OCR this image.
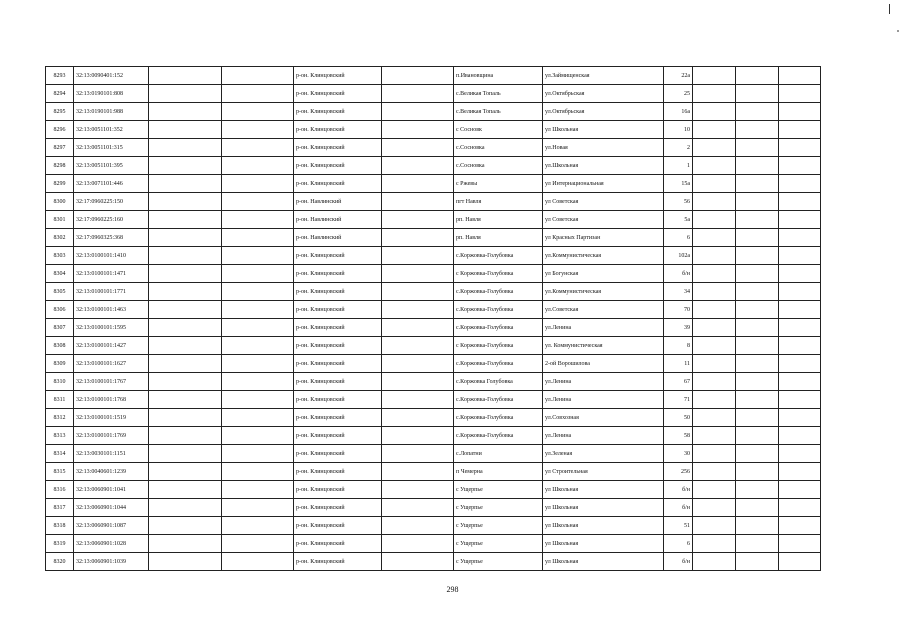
8293	32:13:0090401:152			р-он. Клинцовский		п.Ивановщина	ул.Займищенская	22а			
8294	32:13:0190101:808			р-он. Клинцовский		с.Великая Топаль	ул.Октябрьская	25			
8295	32:13:0190101:988			р-он. Клинцовский		с.Великая Топаль	ул.Октябрьская	16а			
8296	32:13:0051101:352			р-он. Клинцовский		с Сосновк	ул Школьная	10			
8297	32:13:0051101:315			р-он. Клинцовский		с.Сосновка	ул.Новая	2			
8298	32:13:0051101:395			р-он. Клинцовский		с.Сосновка	ул.Школьная	1			
8299	32:13:0071101:446			р-он. Клинцовский		с Ржевы	ул Интернациональная	15а			
8300	32:17:0960225:150			р-он. Навлинский		пгт Навля	ул Советская	56			
8301	32:17:0960225:160			р-он. Навлинский		рп. Навля	ул Советская	5а			
8302	32:17:0960325:368			р-он. Навлинский		рп. Навля	ул Красных Партизан	6			
8303	32:13:0100101:1410			р-он. Клинцовский		с.Коржовка-Голубовка	ул.Коммунистическая	102а			
8304	32:13:0100101:1471			р-он. Клинцовский		с Коржовка-Голубовка	ул Богунская	б/н			
8305	32:13:0100101:1771			р-он. Клинцовский		с.Коржовка-Голубовка	ул.Коммунистическая	34			
8306	32:13:0100101:1463			р-он. Клинцовский		с.Коржовка-Голубовка	ул.Советская	70			
8307	32:13:0100101:1595			р-он. Клинцовский		с.Коржовка-Голубовка	ул.Ленина	39			
8308	32:13:0100101:1427			р-он. Клинцовский		с Коржовка-Голубовка	ул. Коммунистическая	8			
8309	32:13:0100101:1627			р-он. Клинцовский		с.Коржовка-Голубовка	2-ой Ворошилова	11			
8310	32:13:0100101:1767			р-он. Клинцовский		с.Коржовка Голубовка	ул.Ленина	67			
8311	32:13:0100101:1768			р-он. Клинцовский		с.Коржовка-Голубовка	ул.Ленина	71			
8312	32:13:0100101:1519			р-он. Клинцовский		с.Коржовка-Голубовка	ул.Совхозная	50			
8313	32:13:0100101:1769			р-он. Клинцовский		с.Коржовка-Голубовка	ул.Ленина	58			
8314	32:13:0030101:1151			р-он. Клинцовский		с.Лопатни	ул.Зеленая	30			
8315	32:13:0040601:1239			р-он. Клинцовский		п Чемерна	ул Строительная	256			
8316	32:13:0060901:1041			р-он. Клинцовский		с Ущерпье	ул Школьная	б/н			
8317	32:13:0060901:1044			р-он. Клинцовский		с Ущерпье	ул Школьная	б/н			
8318	32:13:0060901:1087			р-он. Клинцовский		с Ущерпье	ул Школьная	51			
8319	32:13:0060901:1028			р-он. Клинцовский		с Ущерпье	ул Школьная	6			
8320	32:13:0060901:1039			р-он. Клинцовский		с Ущерпье	ул Школьная	б/н			
298
